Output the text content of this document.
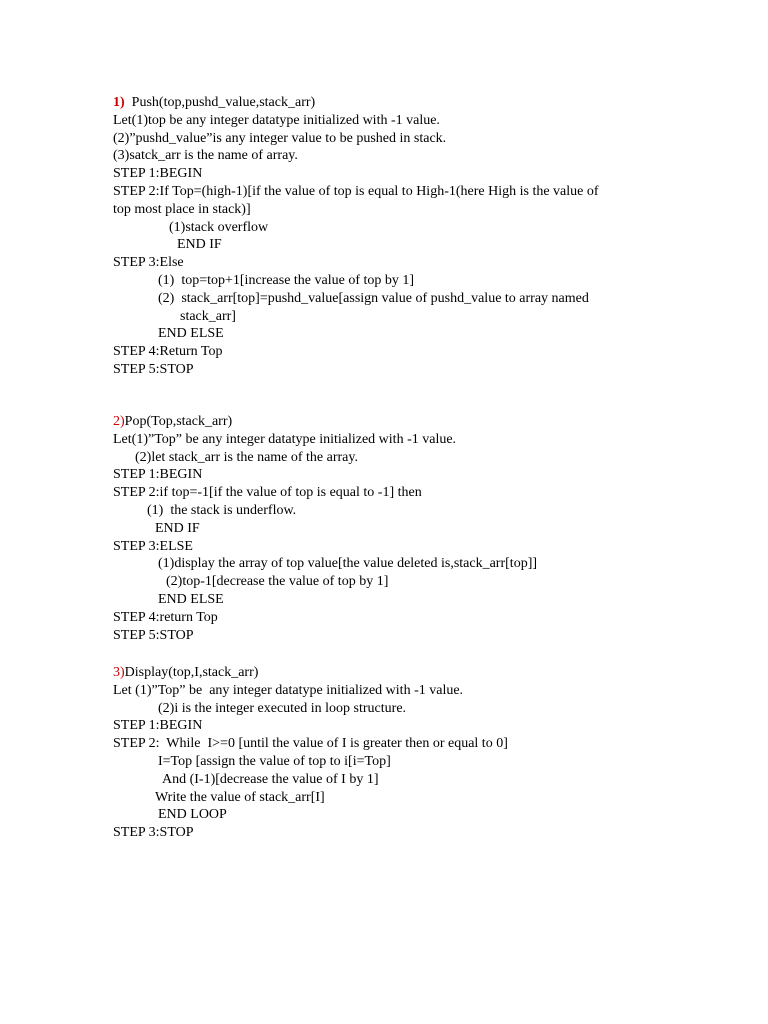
1)  Push(top,pushd_value,stack_arr)
Let(1)top be any integer datatype initialized with -1 value.
(2)”pushd_value”is any integer value to be pushed in stack.
(3)satck_arr is the name of array.
STEP 1:BEGIN
STEP 2:If Top=(high-1)[if the value of top is equal to High-1(here High is the value of
top most place in stack)]
(1)stack overflow
END IF
STEP 3:Else
(1)  top=top+1[increase the value of top by 1]
(2)  stack_arr[top]=pushd_value[assign value of pushd_value to array named
stack_arr]
END ELSE
STEP 4:Return Top
STEP 5:STOP
2)Pop(Top,stack_arr)
Let(1)”Top” be any integer datatype initialized with -1 value.
(2)let stack_arr is the name of the array.
STEP 1:BEGIN
STEP 2:if top=-1[if the value of top is equal to -1] then
(1)  the stack is underflow.
END IF
STEP 3:ELSE
(1)display the array of top value[the value deleted is,stack_arr[top]]
(2)top-1[decrease the value of top by 1]
END ELSE
STEP 4:return Top
STEP 5:STOP
3)Display(top,I,stack_arr)
Let (1)”Top” be  any integer datatype initialized with -1 value.
(2)i is the integer executed in loop structure.
STEP 1:BEGIN
STEP 2:  While  I>=0 [until the value of I is greater then or equal to 0]
I=Top [assign the value of top to i[i=Top]
And (I-1)[decrease the value of I by 1]
Write the value of stack_arr[I]
END LOOP
STEP 3:STOP
